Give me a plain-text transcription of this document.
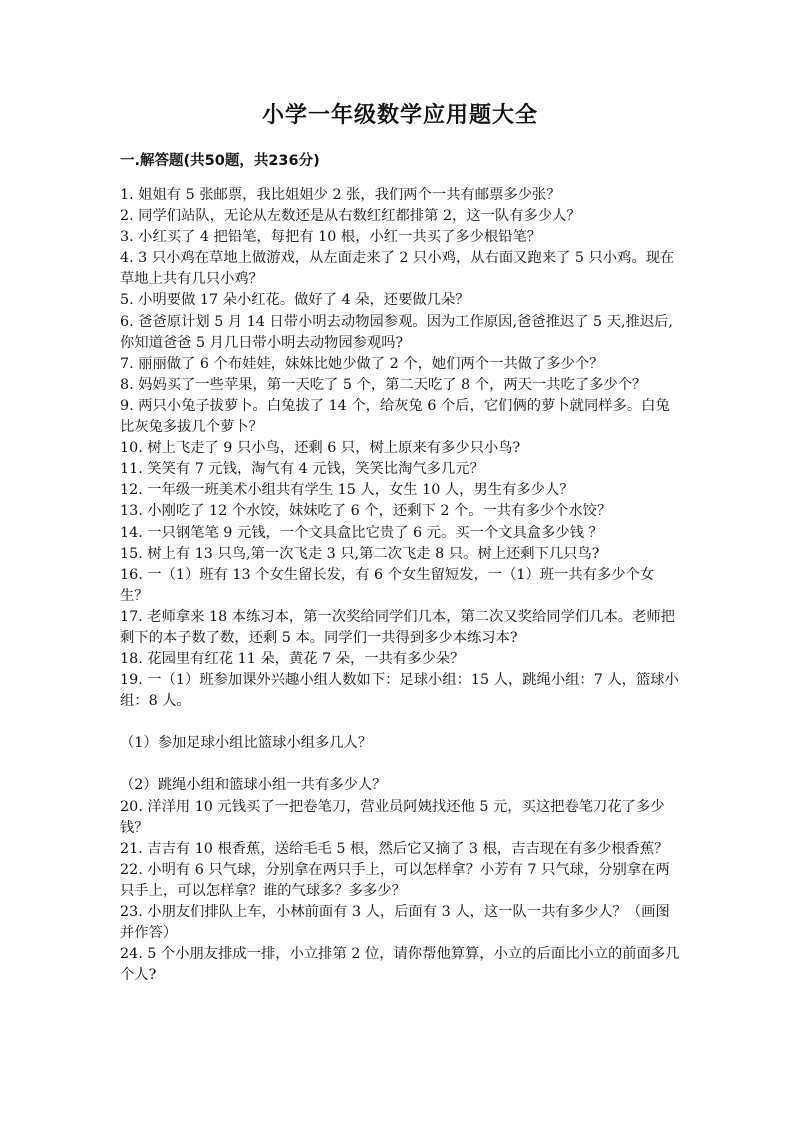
小学一年级数学应用题大全
一.解答题(共50题，共236分)

1. 姐姐有 5 张邮票，我比姐姐少 2 张，我们两个一共有邮票多少张？

2. 同学们站队，无论从左数还是从右数红红都排第 2，这一队有多少人？

3. 小红买了 4 把铅笔，每把有 10 根，小红一共买了多少根铅笔？

4. 3 只小鸡在草地上做游戏，从左面走来了 2 只小鸡，从右面又跑来了 5 只小鸡。现在草地上共有几只小鸡？

5. 小明要做 17 朵小红花。做好了 4 朵，还要做几朵？

6. 爸爸原计划 5 月 14 日带小明去动物园参观。因为工作原因,爸爸推迟了 5 天,推迟后,你知道爸爸 5 月几日带小明去动物园参观吗?

7. 丽丽做了 6 个布娃娃，妹妹比她少做了 2 个，她们两个一共做了多少个？

8. 妈妈买了一些苹果，第一天吃了 5 个，第二天吃了 8 个，两天一共吃了多少个？

9. 两只小兔子拔萝卜。白兔拔了 14 个，给灰兔 6 个后，它们俩的萝卜就同样多。白兔比灰兔多拔几个萝卜？

10. 树上飞走了 9 只小鸟，还剩 6 只，树上原来有多少只小鸟?

11. 笑笑有 7 元钱，淘气有 4 元钱，笑笑比淘气多几元？

12. 一年级一班美术小组共有学生 15 人，女生 10 人，男生有多少人？

13. 小刚吃了 12 个水饺，妹妹吃了 6 个，还剩下 2 个。一共有多少个水饺？

14. 一只钢笔笔 9 元钱，一个文具盒比它贵了 6 元。买一个文具盒多少钱 ？

15. 树上有 13 只鸟,第一次飞走 3 只,第二次飞走 8 只。树上还剩下几只鸟?

16. 一（1）班有 13 个女生留长发，有 6 个女生留短发，一（1）班一共有多少个女生？

17. 老师拿来 18 本练习本，第一次奖给同学们几本，第二次又奖给同学们几本。老师把剩下的本子数了数，还剩 5 本。同学们一共得到多少本练习本?

18. 花园里有红花 11 朵，黄花 7 朵，一共有多少朵？

19. 一（1）班参加课外兴趣小组人数如下：足球小组：15 人，跳绳小组：7 人，篮球小组：8 人。

（1）参加足球小组比篮球小组多几人？

（2）跳绳小组和篮球小组一共有多少人？

20. 洋洋用 10 元钱买了一把卷笔刀，营业员阿姨找还他 5 元，买这把卷笔刀花了多少钱？

21. 吉吉有 10 根香蕉，送给毛毛 5 根，然后它又摘了 3 根，吉吉现在有多少根香蕉？

22. 小明有 6 只气球，分别拿在两只手上，可以怎样拿？小芳有 7 只气球，分别拿在两只手上，可以怎样拿？谁的气球多？多多少？

23. 小朋友们排队上车，小林前面有 3 人，后面有 3 人，这一队一共有多少人？（画图并作答）

24. 5 个小朋友排成一排，小立排第 2 位，请你帮他算算，小立的后面比小立的前面多几个人?
